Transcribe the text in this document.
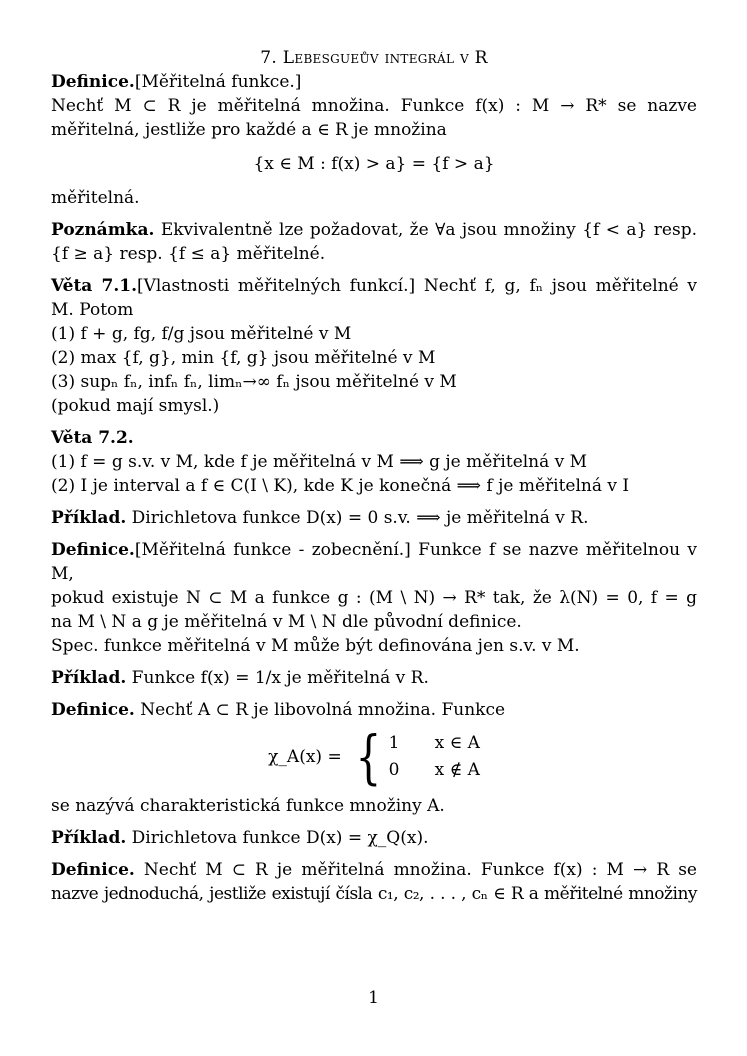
7. Lebesgueův integrál v R
Definice.[Měřitelná funkce.]
Nechť M ⊂ R je měřitelná množina. Funkce f(x) : M → R* se nazve
měřitelná, jestliže pro každé a ∈ R je množina
{x ∈ M : f(x) > a} = {f > a}
měřitelná.
Poznámka. Ekvivalentně lze požadovat, že ∀a jsou množiny {f < a} resp.
{f ≥ a} resp. {f ≤ a} měřitelné.
Věta 7.1.[Vlastnosti měřitelných funkcí.] Nechť f, g, fₙ jsou měřitelné v
M. Potom
(1) f + g, fg, f/g jsou měřitelné v M
(2) max {f, g}, min {f, g} jsou měřitelné v M
(3) supₙ fₙ, infₙ fₙ, limₙ→∞ fₙ jsou měřitelné v M
(pokud mají smysl.)
Věta 7.2.
(1) f = g s.v. v M, kde f je měřitelná v M ⟹ g je měřitelná v M
(2) I je interval a f ∈ C(I \ K), kde K je konečná ⟹ f je měřitelná v I
Příklad. Dirichletova funkce D(x) = 0 s.v. ⟹ je měřitelná v R.
Definice.[Měřitelná funkce - zobecnění.] Funkce f se nazve měřitelnou v M,
pokud existuje N ⊂ M a funkce g : (M \ N) → R* tak, že λ(N) = 0, f = g
na M \ N a g je měřitelná v M \ N dle původní definice.
Spec. funkce měřitelná v M může být definována jen s.v. v M.
Příklad. Funkce f(x) = 1/x je měřitelná v R.
Definice. Nechť A ⊂ R je libovolná množina. Funkce
χ_A(x) = { 1	x ∈ A
0	x ∉ A
se nazývá charakteristická funkce množiny A.
Příklad. Dirichletova funkce D(x) = χ_Q(x).
Definice. Nechť M ⊂ R je měřitelná množina. Funkce f(x) : M → R se
nazve jednoduchá, jestliže existují čísla c₁, c₂, . . . , cₙ ∈ R a měřitelné množiny
1
